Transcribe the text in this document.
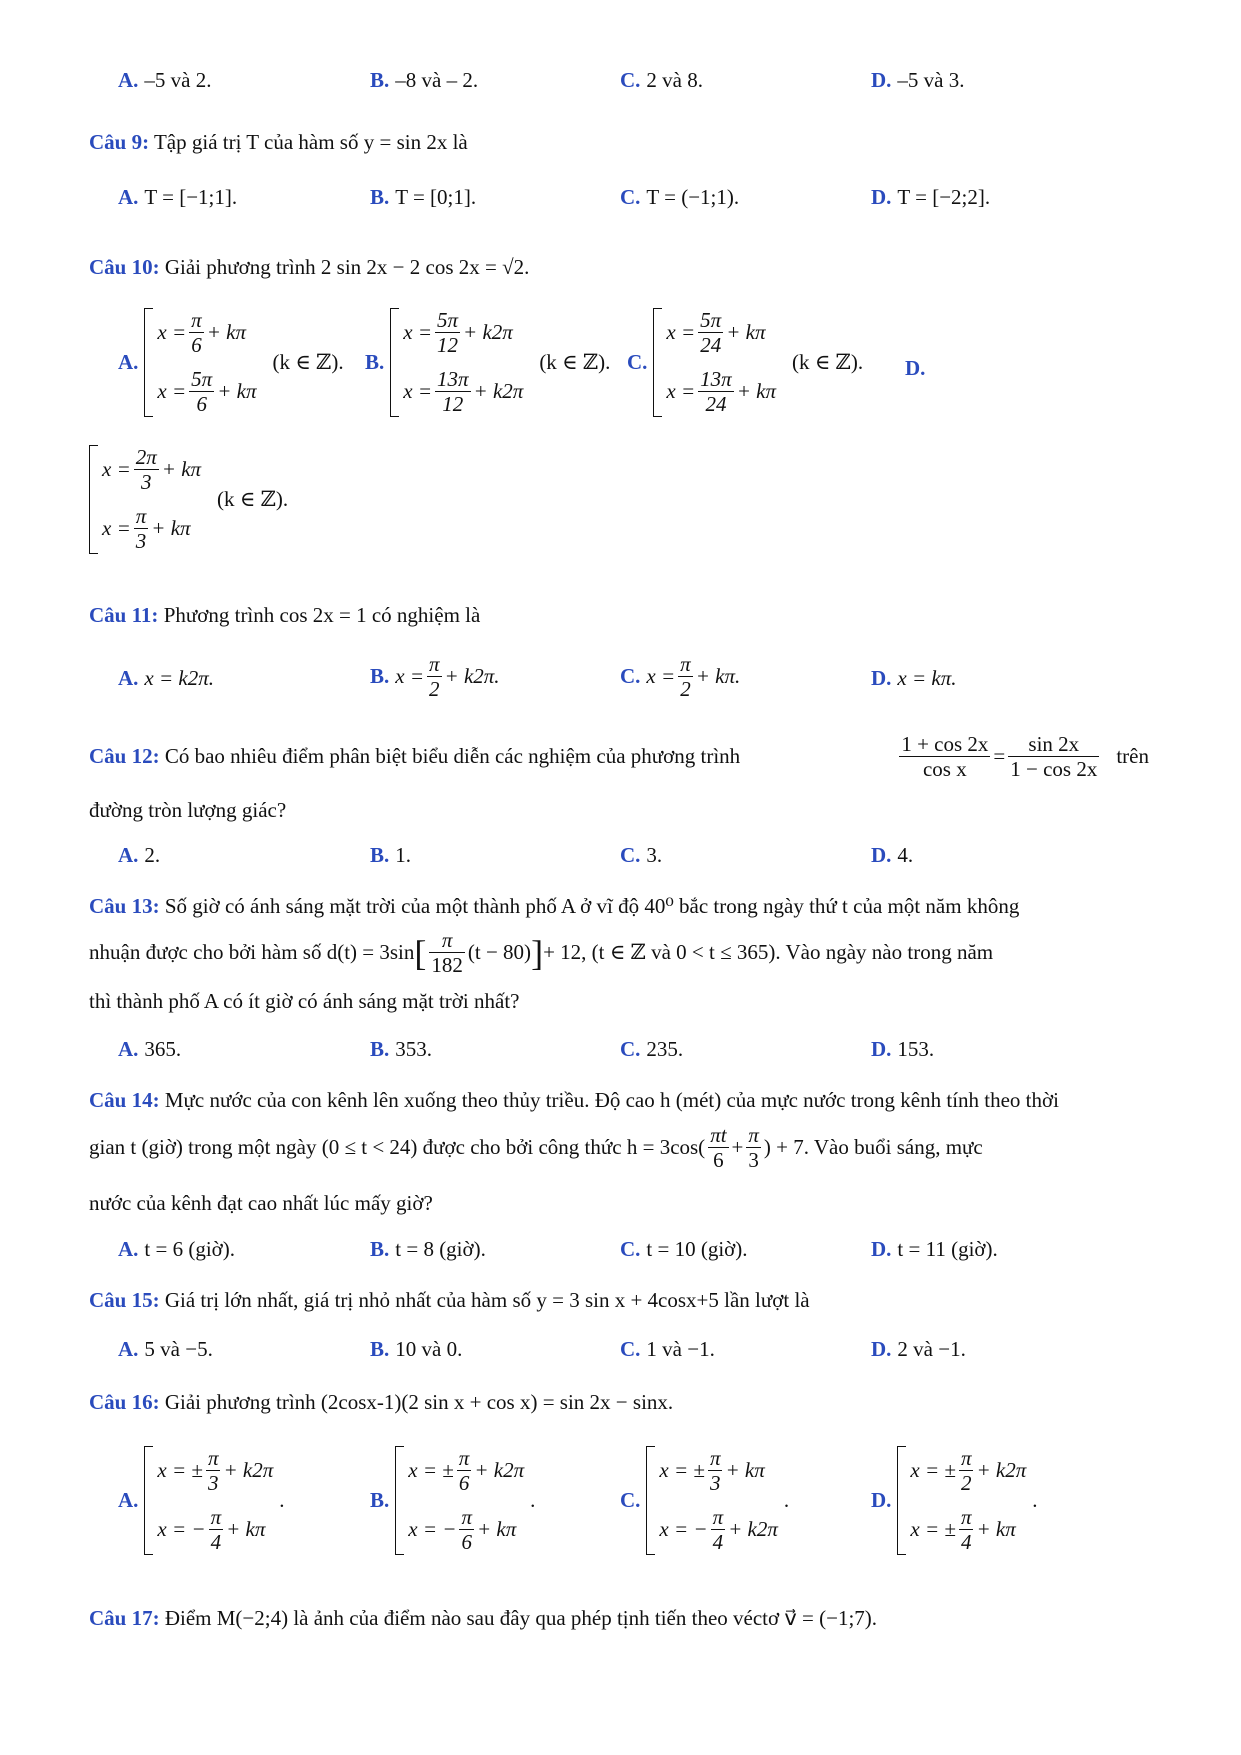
A. –5 và 2.	B. –8 và – 2.	C. 2 và 8.	D. –5 và 3.
Câu 9: Tập giá trị T của hàm số y = sin 2x là
A. T = [−1;1].	B. T = [0;1].	C. T = (−1;1).	D. T = [−2;2].
Câu 10: Giải phương trình 2 sin 2x − 2 cos 2x = √2.
A.
$x = \frac{\pi}{6} + k\pi$
$x = \frac{5\pi}{6} + k\pi$
(k ∈ ℤ). B.
$x = \frac{5\pi}{12} + k2\pi$
$x = \frac{13\pi}{12} + k2\pi$
(k ∈ ℤ). C.
$x = \frac{5\pi}{24} + k\pi$
$x = \frac{13\pi}{24} + k\pi$
(k ∈ ℤ). D.
$x = \frac{2\pi}{3} + k\pi$
$x = \frac{\pi}{3} + k\pi$
(k ∈ ℤ).
Câu 11: Phương trình cos 2x = 1 có nghiệm là
A. x = k2π.	B. $x = \frac{\pi}{2} + k2\pi$.	C. $x = \frac{\pi}{2} + k\pi$.	D. x = kπ.
Câu 12: Có bao nhiêu điểm phân biệt biểu diễn các nghiệm của phương trình	$\frac{1 + \cos 2x}{\text{cos x}} = \frac{\sin 2x}{1 - \cos 2x}$ trên
đường tròn lượng giác?
A. 2.	B. 1.	C. 3.	D. 4.
Câu 13: Số giờ có ánh sáng mặt trời của một thành phố A ở vĩ độ 40⁰ bắc trong ngày thứ t của một năm không
nhuận được cho bởi hàm số d(t) = 3sin [ $\frac{\pi}{182} (t - 80)$ ] + 12, (t ∈ ℤ và 0 < t ≤ 365). Vào ngày nào trong năm
thì thành phố A có ít giờ có ánh sáng mặt trời nhất?
A. 365.	B. 353.	C. 235.	D. 153.
Câu 14: Mực nước của con kênh lên xuống theo thủy triều. Độ cao h (mét) của mực nước trong kênh tính theo thời
gian t (giờ) trong một ngày (0 ≤ t < 24) được cho bởi công thức $h = 3\cos( \frac{\pi t}{6} + \frac{\pi}{3}$ ) + 7. Vào buổi sáng, mực
nước của kênh đạt cao nhất lúc mấy giờ?
A. t = 6 (giờ).	B. t = 8 (giờ).	C. t = 10 (giờ).	D. t = 11 (giờ).
Câu 15: Giá trị lớn nhất, giá trị nhỏ nhất của hàm số y = 3 sin x + 4cosx+5 lần lượt là
A. 5 và −5.	B. 10 và 0.	C. 1 và −1.	D. 2 và −1.
Câu 16: Giải phương trình (2cosx-1)(2 sin x + cos x) = sin 2x − sinx.
A.
x = ± $\frac{\pi}{3} + k2\pi$
x = − $\frac{\pi}{4} + k\pi$
.	B.
x = ± $\frac{\pi}{6} + k2\pi$
x = − $\frac{\pi}{6} + k\pi$
.	C.
x = ± $\frac{\pi}{3} + k\pi$
x = − $\frac{\pi}{4} + k2\pi$
.	D.
x = ± $\frac{\pi}{2} + k2\pi$
x = ± $\frac{\pi}{4} + k\pi$
.
Câu 17: Điểm M(−2;4) là ảnh của điểm nào sau đây qua phép tịnh tiến theo véctơ v⃗ = (−1;7).
